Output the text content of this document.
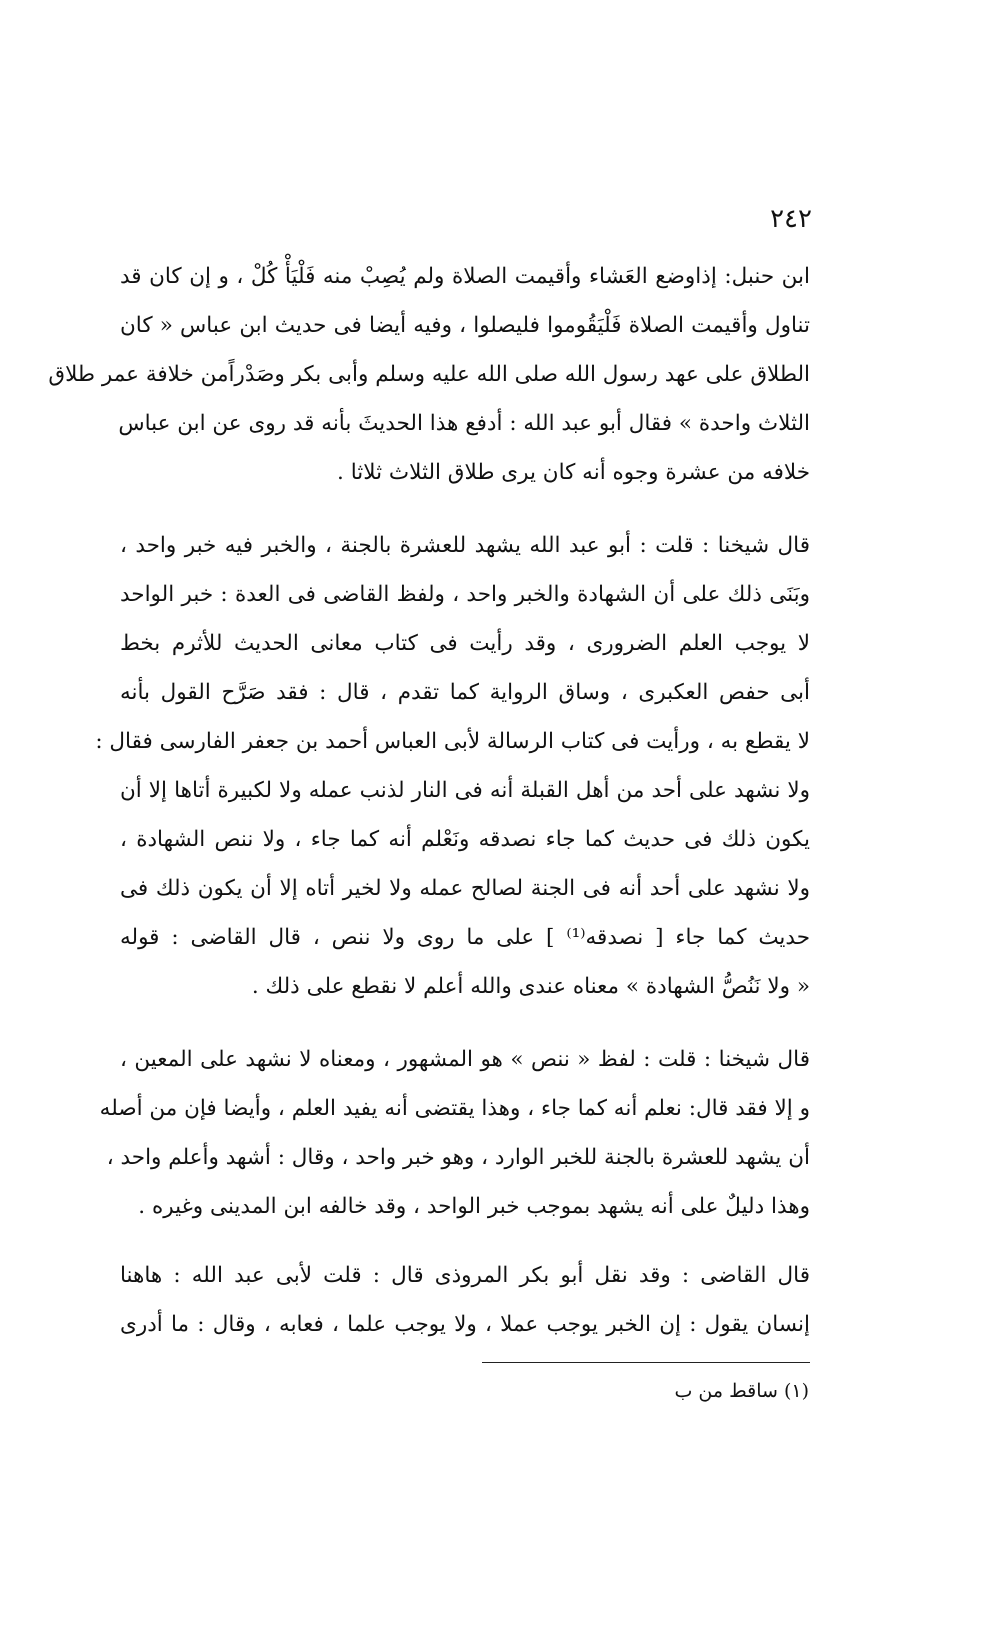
٢٤٢

ابن حنبل: إذاوضع العَشاء وأقيمت الصلاة ولم يُصِبْ منه فَلْيَأْ كُلْ ، و إن كان قد
تناول وأقيمت الصلاة فَلْيَقُوموا فليصلوا ، وفيه أيضا فى حديث ابن عباس « كان
الطلاق على عهد رسول الله صلى الله عليه وسلم وأبى بكر وصَدْراًمن خلافة عمر طلاق
الثلاث واحدة » فقال أبو عبد الله : أدفع هذا الحديثَ بأنه قد روى عن ابن عباس
خلافه من عشرة وجوه أنه كان يرى طلاق الثلاث ثلاثا .

قال شيخنا : قلت : أبو عبد الله يشهد للعشرة بالجنة ، والخبر فيه خبر واحد ،
وبَنَى ذلك على أن الشهادة والخبر واحد ، ولفظ القاضى فى العدة : خبر الواحد
لا يوجب العلم الضرورى ، وقد رأيت فى كتاب معانى الحديث للأثرم بخط
أبى حفص العكبرى ، وساق الرواية كما تقدم ، قال : فقد صَرَّح القول بأنه
لا يقطع به ، ورأيت فى كتاب الرسالة لأبى العباس أحمد بن جعفر الفارسى فقال :
ولا نشهد على أحد من أهل القبلة أنه فى النار لذنب عمله ولا لكبيرة أتاها إلا أن
يكون ذلك فى حديث كما جاء نصدقه ونَعْلم أنه كما جاء ، ولا ننص الشهادة ،
ولا نشهد على أحد أنه فى الجنة لصالح عمله ولا لخير أتاه إلا أن يكون ذلك فى
حديث كما جاء [ نصدقه⁽¹⁾ ] على ما روى ولا ننص ، قال القاضى : قوله
« ولا نَنُصُّ الشهادة » معناه عندى والله أعلم لا نقطع على ذلك .

قال شيخنا : قلت : لفظ « ننص » هو المشهور ، ومعناه لا نشهد على المعين ،
و إلا فقد قال: نعلم أنه كما جاء ، وهذا يقتضى أنه يفيد العلم ، وأيضا فإن من أصله
أن يشهد للعشرة بالجنة للخبر الوارد ، وهو خبر واحد ، وقال : أشهد وأعلم واحد ،
وهذا دليلٌ على أنه يشهد بموجب خبر الواحد ، وقد خالفه ابن المدينى وغيره .

قال القاضى : وقد نقل أبو بكر المروذى قال : قلت لأبى عبد الله : هاهنا
إنسان يقول : إن الخبر يوجب عملا ، ولا يوجب علما ، فعابه ، وقال : ما أدرى

(١) ساقط من ب
